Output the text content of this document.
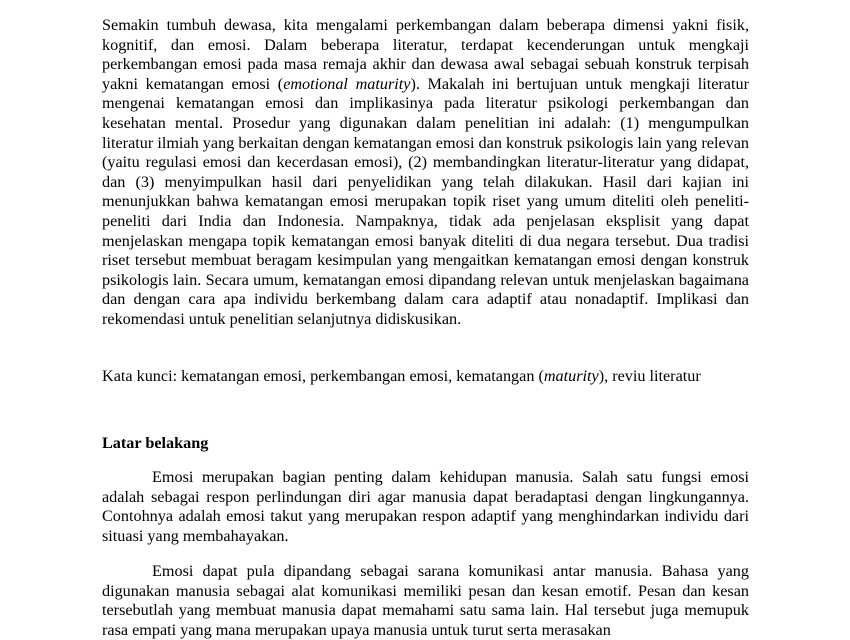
Semakin tumbuh dewasa, kita mengalami perkembangan dalam beberapa dimensi yakni fisik, kognitif, dan emosi. Dalam beberapa literatur, terdapat kecenderungan untuk mengkaji perkembangan emosi pada masa remaja akhir dan dewasa awal sebagai sebuah konstruk terpisah yakni kematangan emosi (emotional maturity). Makalah ini bertujuan untuk mengkaji literatur mengenai kematangan emosi dan implikasinya pada literatur psikologi perkembangan dan kesehatan mental. Prosedur yang digunakan dalam penelitian ini adalah: (1) mengumpulkan literatur ilmiah yang berkaitan dengan kematangan emosi dan konstruk psikologis lain yang relevan (yaitu regulasi emosi dan kecerdasan emosi), (2) membandingkan literatur-literatur yang didapat, dan (3) menyimpulkan hasil dari penyelidikan yang telah dilakukan. Hasil dari kajian ini menunjukkan bahwa kematangan emosi merupakan topik riset yang umum diteliti oleh peneliti-peneliti dari India dan Indonesia. Nampaknya, tidak ada penjelasan eksplisit yang dapat menjelaskan mengapa topik kematangan emosi banyak diteliti di dua negara tersebut. Dua tradisi riset tersebut membuat beragam kesimpulan yang mengaitkan kematangan emosi dengan konstruk psikologis lain. Secara umum, kematangan emosi dipandang relevan untuk menjelaskan bagaimana dan dengan cara apa individu berkembang dalam cara adaptif atau nonadaptif. Implikasi dan rekomendasi untuk penelitian selanjutnya didiskusikan.

Kata kunci: kematangan emosi, perkembangan emosi, kematangan (maturity), reviu literatur

Latar belakang

Emosi merupakan bagian penting dalam kehidupan manusia. Salah satu fungsi emosi adalah sebagai respon perlindungan diri agar manusia dapat beradaptasi dengan lingkungannya. Contohnya adalah emosi takut yang merupakan respon adaptif yang menghindarkan individu dari situasi yang membahayakan.

Emosi dapat pula dipandang sebagai sarana komunikasi antar manusia. Bahasa yang digunakan manusia sebagai alat komunikasi memiliki pesan dan kesan emotif. Pesan dan kesan tersebutlah yang membuat manusia dapat memahami satu sama lain. Hal tersebut juga memupuk rasa empati yang mana merupakan upaya manusia untuk turut serta merasakan
